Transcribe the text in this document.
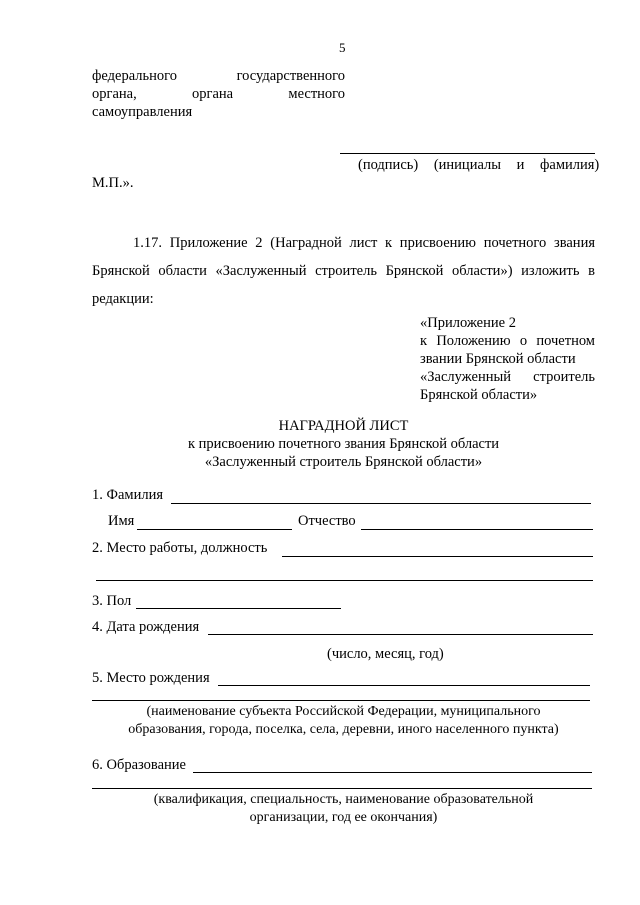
5
федерального государственного
органа, органа местного
самоуправления
(подпись) (инициалы и фамилия)
М.П.».
1.17. Приложение 2 (Наградной лист к присвоению почетного звания
Брянской области «Заслуженный строитель Брянской области») изложить в
редакции:
«Приложение 2
к Положению о почетном
звании Брянской области
«Заслуженный строитель
Брянской области»
НАГРАДНОЙ ЛИСТ
к присвоению почетного звания Брянской области
«Заслуженный строитель Брянской области»
1. Фамилия
Имя	Отчество
2. Место работы, должность
3. Пол
4. Дата рождения
(число, месяц, год)
5. Место рождения
(наименование субъекта Российской Федерации, муниципального
образования, города, поселка, села, деревни, иного населенного пункта)
6. Образование
(квалификация, специальность, наименование образовательной
организации, год ее окончания)
